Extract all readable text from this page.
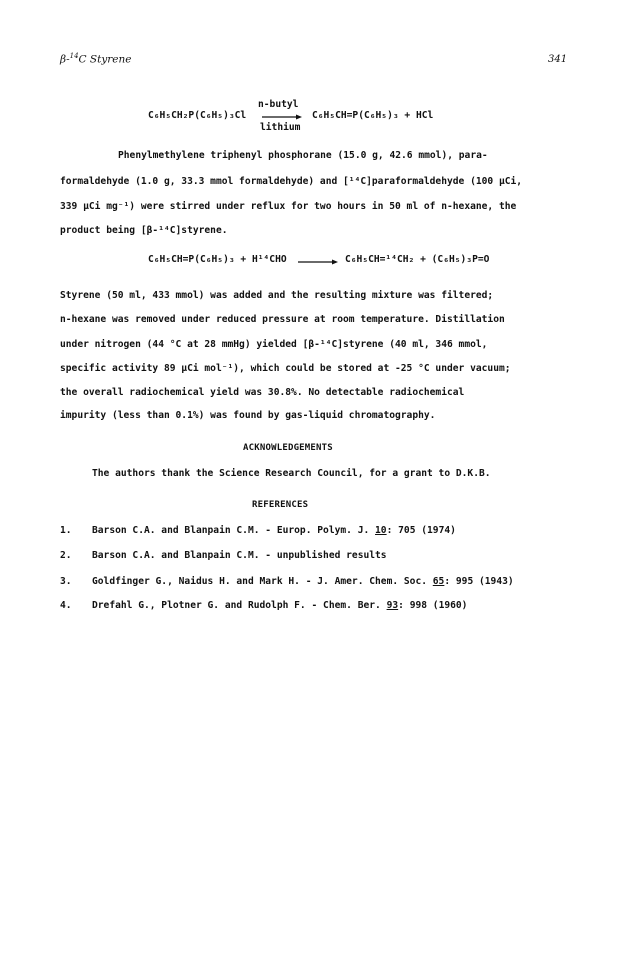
β-$^{14}$C Styrene	341
n-butyl
C₆H₅CH₂P(C₆H₅)₃Cl	C₆H₅CH=P(C₆H₅)₃ + HCl
lithium
Phenylmethylene triphenyl phosphorane (15.0 g, 42.6 mmol), para-
formaldehyde (1.0 g, 33.3 mmol formaldehyde) and [¹⁴C]paraformaldehyde (100 µCi,
339 µCi mg⁻¹) were stirred under reflux for two hours in 50 ml of n-hexane, the
product being [β-¹⁴C]styrene.
C₆H₅CH=P(C₆H₅)₃ + H¹⁴CHO	C₆H₅CH=¹⁴CH₂ + (C₆H₅)₃P=O
Styrene (50 ml, 433 mmol) was added and the resulting mixture was filtered;
n-hexane was removed under reduced pressure at room temperature. Distillation
under nitrogen (44 °C at 28 mmHg) yielded [β-¹⁴C]styrene (40 ml, 346 mmol,
specific activity 89 µCi mol⁻¹), which could be stored at -25 °C under vacuum;
the overall radiochemical yield was 30.8%. No detectable radiochemical
impurity (less than 0.1%) was found by gas-liquid chromatography.
ACKNOWLEDGEMENTS
The authors thank the Science Research Council, for a grant to D.K.B.
REFERENCES
1. Barson C.A. and Blanpain C.M. - Europ. Polym. J. 10: 705 (1974)
2. Barson C.A. and Blanpain C.M. - unpublished results
3. Goldfinger G., Naidus H. and Mark H. - J. Amer. Chem. Soc. 65: 995 (1943)
4. Drefahl G., Plotner G. and Rudolph F. - Chem. Ber. 93: 998 (1960)
